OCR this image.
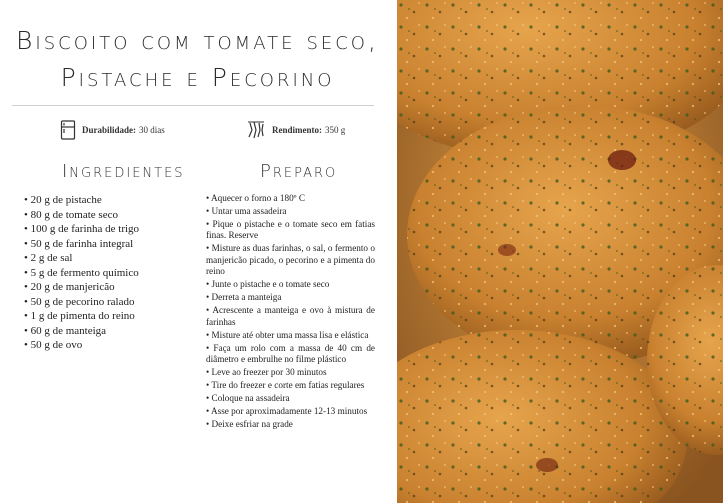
Biscoito com tomate seco,
Pistache e Pecorino
Durabilidade: 30 dias	Rendimento: 350 g
Ingredientes	Preparo
• 20 g de pistache
• 80 g de tomate seco
• 100 g de farinha de trigo
• 50 g de farinha integral
• 2 g de sal
• 5 g de fermento químico
• 20 g de manjericão
• 50 g de pecorino ralado
• 1 g de pimenta do reino
• 60 g de manteiga
• 50 g de ovo
• Aquecer o forno a 180º C
• Untar uma assadeira
• Pique o pistache e o tomate seco em fatias finas. Reserve
• Misture as duas farinhas, o sal, o fermento o manjericão picado, o pecorino e a pimenta do reino
• Junte o pistache e o tomate seco
• Derreta a manteiga
• Acrescente a manteiga e ovo à mistura de farinhas
• Misture até obter uma massa lisa e elástica
• Faça um rolo com a massa de 40 cm de diâmetro e embrulhe no filme plástico
• Leve ao freezer por 30 minutos
• Tire do freezer e corte em fatias regulares
• Coloque na assadeira
• Asse por aproximadamente 12-13 minutos
• Deixe esfriar na grade
